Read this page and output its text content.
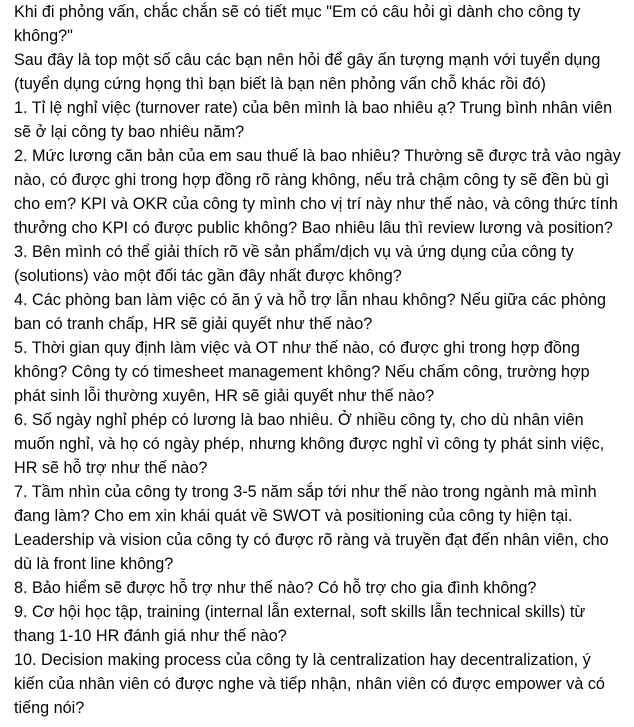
Khi đi phỏng vấn, chắc chắn sẽ có tiết mục "Em có câu hỏi gì dành cho công ty
không?"

Sau đây là top một số câu các bạn nên hỏi để gây ấn tượng mạnh với tuyển dụng
(tuyển dụng cứng họng thì bạn biết là bạn nên phỏng vấn chỗ khác rồi đó)

1. Tỉ lệ nghỉ việc (turnover rate) của bên mình là bao nhiêu ạ? Trung bình nhân viên
sẽ ở lại công ty bao nhiêu năm?

2. Mức lương căn bản của em sau thuế là bao nhiêu? Thường sẽ được trả vào ngày
nào, có được ghi trong hợp đồng rõ ràng không, nếu trả chậm công ty sẽ đền bù gì
cho em? KPI và OKR của công ty mình cho vị trí này như thế nào, và công thức tính
thưởng cho KPI có được public không? Bao nhiêu lâu thì review lương và position?

3. Bên mình có thể giải thích rõ về sản phẩm/dịch vụ và ứng dụng của công ty
(solutions) vào một đối tác gần đây nhất được không?

4. Các phòng ban làm việc có ăn ý và hỗ trợ lẫn nhau không? Nếu giữa các phòng
ban có tranh chấp, HR sẽ giải quyết như thế nào?

5. Thời gian quy định làm việc và OT như thế nào, có được ghi trong hợp đồng
không? Công ty có timesheet management không? Nếu chấm công, trường hợp
phát sinh lỗi thường xuyên, HR sẽ giải quyết như thế nào?

6. Số ngày nghỉ phép có lương là bao nhiêu. Ở nhiều công ty, cho dù nhân viên
muốn nghỉ, và họ có ngày phép, nhưng không được nghỉ vì công ty phát sinh việc,
HR sẽ hỗ trợ như thế nào?

7. Tầm nhìn của công ty trong 3-5 năm sắp tới như thế nào trong ngành mà mình
đang làm? Cho em xin khái quát về SWOT và positioning của công ty hiện tại.
Leadership và vision của công ty có được rõ ràng và truyền đạt đến nhân viên, cho
dù là front line không?

8. Bảo hiểm sẽ được hỗ trợ như thế nào? Có hỗ trợ cho gia đình không?

9. Cơ hội học tập, training (internal lẫn external, soft skills lẫn technical skills) từ
thang 1-10 HR đánh giá như thế nào?

10. Decision making process của công ty là centralization hay decentralization, ý
kiến của nhân viên có được nghe và tiếp nhận, nhân viên có được empower và có
tiếng nói?
